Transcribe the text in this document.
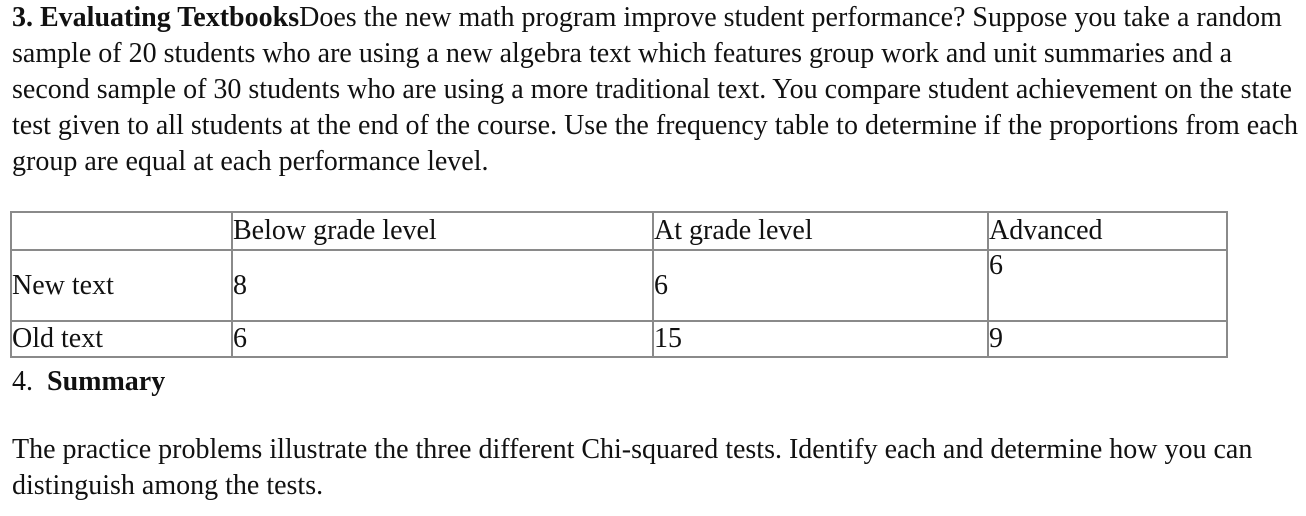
3. Evaluating TextbooksDoes the new math program improve student performance? Suppose you take a random sample of 20 students who are using a new algebra text which features group work and unit summaries and a second sample of 30 students who are using a more traditional text. You compare student achievement on the state test given to all students at the end of the course. Use the frequency table to determine if the proportions from each group are equal at each performance level.

	Below grade level	At grade level	Advanced
New text	8	6	6
Old text	6	15	9

4. Summary

The practice problems illustrate the three different Chi-squared tests. Identify each and determine how you can distinguish among the tests.
